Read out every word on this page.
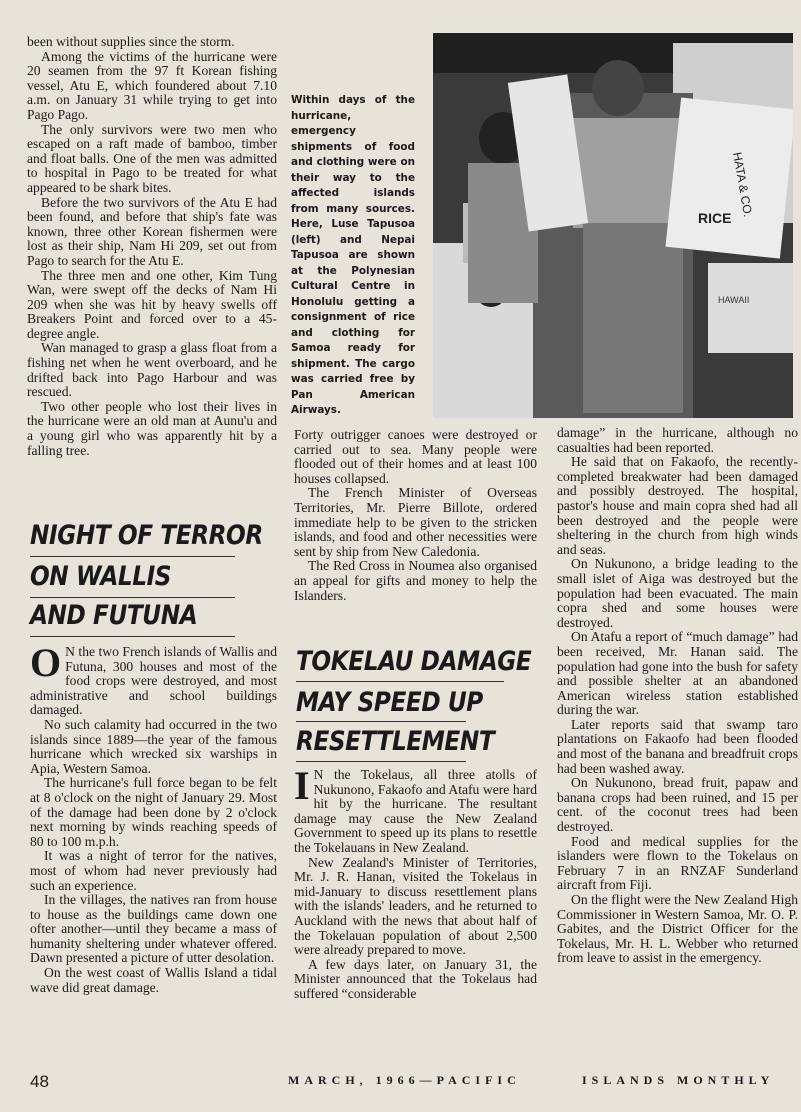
been without supplies since the storm.

Among the victims of the hurricane were 20 seamen from the 97 ft Korean fishing vessel, Atu E, which foundered about 7.10 a.m. on January 31 while trying to get into Pago Pago.

The only survivors were two men who escaped on a raft made of bamboo, timber and float balls. One of the men was admitted to hospital in Pago to be treated for what appeared to be shark bites.

Before the two survivors of the Atu E had been found, and before that ship's fate was known, three other Korean fishermen were lost as their ship, Nam Hi 209, set out from Pago to search for the Atu E.

The three men and one other, Kim Tung Wan, were swept off the decks of Nam Hi 209 when she was hit by heavy swells off Breakers Point and forced over to a 45-degree angle.

Wan managed to grasp a glass float from a fishing net when he went overboard, and he drifted back into Pago Harbour and was rescued.

Two other people who lost their lives in the hurricane were an old man at Aunu'u and a young girl who was apparently hit by a falling tree.

NIGHT OF TERROR
ON WALLIS
AND FUTUNA

O N the two French islands of Wallis and Futuna, 300 houses and most of the food crops were destroyed, and most administrative and school buildings damaged.

No such calamity had occurred in the two islands since 1889—the year of the famous hurricane which wrecked six warships in Apia, Western Samoa.

The hurricane's full force began to be felt at 8 o'clock on the night of January 29. Most of the damage had been done by 2 o'clock next morning by winds reaching speeds of 80 to 100 m.p.h.

It was a night of terror for the natives, most of whom had never previously had such an experience.

In the villages, the natives ran from house to house as the buildings came down one ofter another—until they became a mass of humanity sheltering under whatever offered. Dawn presented a picture of utter desolation.

On the west coast of Wallis Island a tidal wave did great damage.

Within days of the hurricane, emergency shipments of food and clothing were on their way to the affected islands from many sources. Here, Luse Tapusoa (left) and Nepai Tapusoa are shown at the Polynesian Cultural Centre in Honolulu getting a consignment of rice and clothing for Samoa ready for shipment. The cargo was carried free by Pan American Airways.
HATA & CO.
RICE
HAWAII

Forty outrigger canoes were destroyed or carried out to sea. Many people were flooded out of their homes and at least 100 houses collapsed.

The French Minister of Overseas Territories, Mr. Pierre Billote, ordered immediate help to be given to the stricken islands, and food and other necessities were sent by ship from New Caledonia.

The Red Cross in Noumea also organised an appeal for gifts and money to help the Islanders.

TOKELAU DAMAGE
MAY SPEED UP
RESETTLEMENT

I N the Tokelaus, all three atolls of Nukunono, Fakaofo and Atafu were hard hit by the hurricane. The resultant damage may cause the New Zealand Government to speed up its plans to resettle the Tokelauans in New Zealand.

New Zealand's Minister of Territories, Mr. J. R. Hanan, visited the Tokelaus in mid-January to discuss resettlement plans with the islands' leaders, and he returned to Auckland with the news that about half of the Tokelauan population of about 2,500 were already prepared to move.

A few days later, on January 31, the Minister announced that the Tokelaus had suffered “considerable

damage” in the hurricane, although no casualties had been reported.

He said that on Fakaofo, the recently-completed breakwater had been damaged and possibly destroyed. The hospital, pastor's house and main copra shed had all been destroyed and the people were sheltering in the church from high winds and seas.

On Nukunono, a bridge leading to the small islet of Aiga was destroyed but the population had been evacuated. The main copra shed and some houses were destroyed.

On Atafu a report of “much damage” had been received, Mr. Hanan said. The population had gone into the bush for safety and possible shelter at an abandoned American wireless station established during the war.

Later reports said that swamp taro plantations on Fakaofo had been flooded and most of the banana and breadfruit crops had been washed away.

On Nukunono, bread fruit, papaw and banana crops had been ruined, and 15 per cent. of the coconut trees had been destroyed.

Food and medical supplies for the islanders were flown to the Tokelaus on February 7 in an RNZAF Sunderland aircraft from Fiji.

On the flight were the New Zealand High Commissioner in Western Samoa, Mr. O. P. Gabites, and the District Officer for the Tokelaus, Mr. H. L. Webber who returned from leave to assist in the emergency.

48	MARCH, 1966—PACIFIC	ISLANDS MONTHLY
